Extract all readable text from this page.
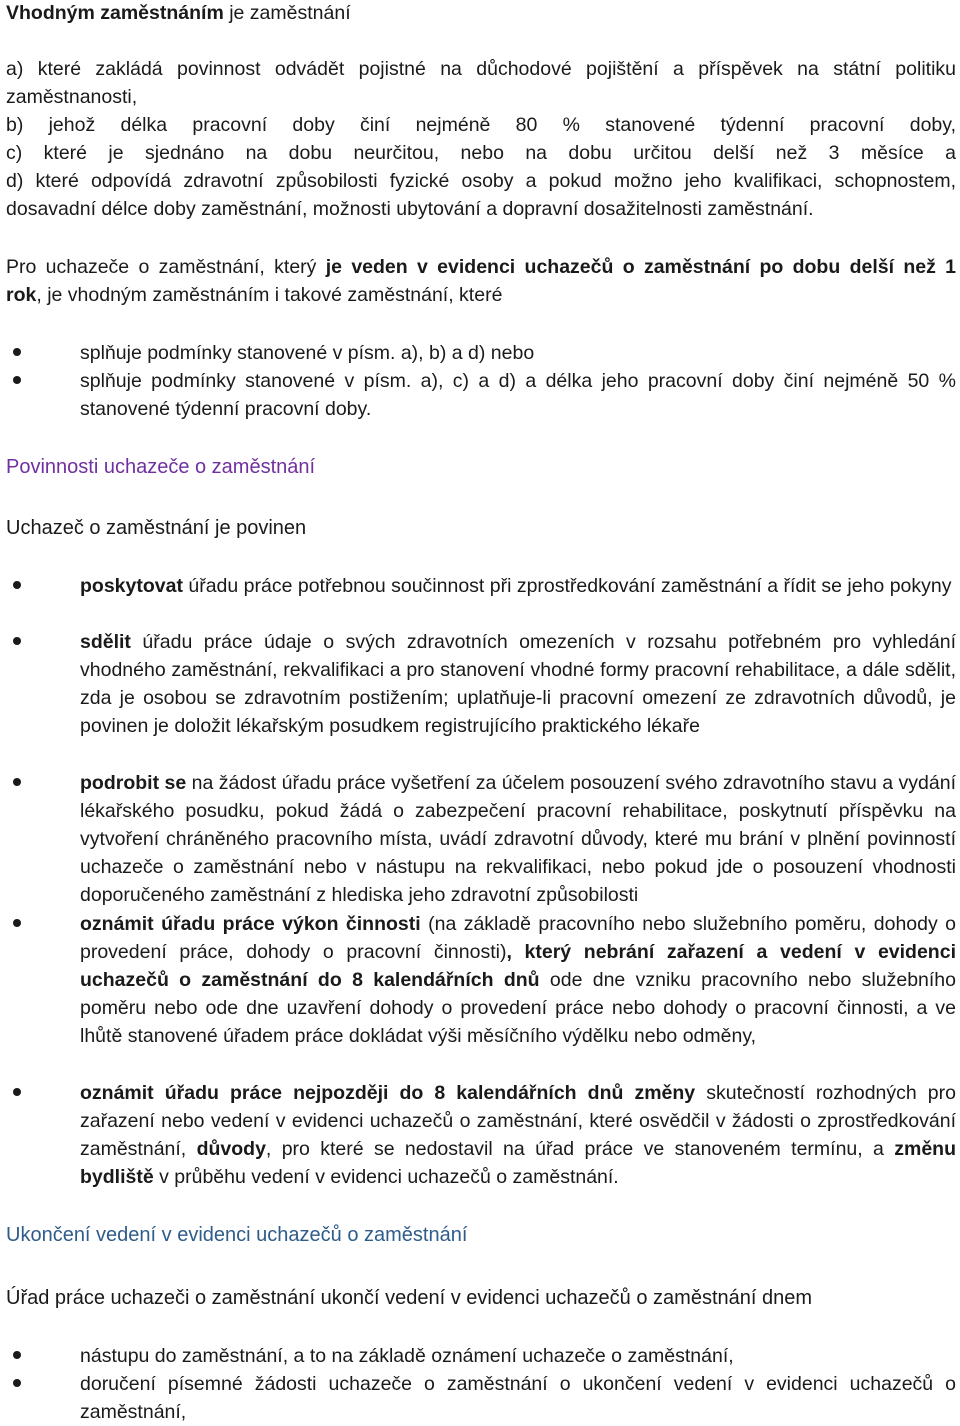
Vhodným zaměstnáním je zaměstnání
a) které zakládá povinnost odvádět pojistné na důchodové pojištění a příspěvek na státní politiku
zaměstnanosti,
b) jehož délka pracovní doby činí nejméně 80 % stanovené týdenní pracovní doby,
c) které je sjednáno na dobu neurčitou, nebo na dobu určitou delší než 3 měsíce a
d) které odpovídá zdravotní způsobilosti fyzické osoby a pokud možno jeho kvalifikaci, schopnostem,
dosavadní délce doby zaměstnání, možnosti ubytování a dopravní dosažitelnosti zaměstnání.
Pro uchazeče o zaměstnání, který je veden v evidenci uchazečů o zaměstnání po dobu delší než 1
rok, je vhodným zaměstnáním i takové zaměstnání, které
splňuje podmínky stanovené v písm. a), b) a d) nebo
splňuje podmínky stanovené v písm. a), c) a d) a délka jeho pracovní doby činí nejméně 50 % stanovené týdenní pracovní doby.
Povinnosti uchazeče o zaměstnání
Uchazeč o zaměstnání je povinen
poskytovat úřadu práce potřebnou součinnost při zprostředkování zaměstnání a řídit se jeho pokyny
sdělit úřadu práce údaje o svých zdravotních omezeních v rozsahu potřebném pro vyhledání vhodného zaměstnání, rekvalifikaci a pro stanovení vhodné formy pracovní rehabilitace, a dále sdělit, zda je osobou se zdravotním postižením; uplatňuje-li pracovní omezení ze zdravotních důvodů, je povinen je doložit lékařským posudkem registrujícího praktického lékaře
podrobit se na žádost úřadu práce vyšetření za účelem posouzení svého zdravotního stavu a vydání lékařského posudku, pokud žádá o zabezpečení pracovní rehabilitace, poskytnutí příspěvku na vytvoření chráněného pracovního místa, uvádí zdravotní důvody, které mu brání v plnění povinností uchazeče o zaměstnání nebo v nástupu na rekvalifikaci, nebo pokud jde o posouzení vhodnosti doporučeného zaměstnání z hlediska jeho zdravotní způsobilosti
oznámit úřadu práce výkon činnosti (na základě pracovního nebo služebního poměru, dohody o provedení práce, dohody o pracovní činnosti), který nebrání zařazení a vedení v evidenci uchazečů o zaměstnání do 8 kalendářních dnů ode dne vzniku pracovního nebo služebního poměru nebo ode dne uzavření dohody o provedení práce nebo dohody o pracovní činnosti, a ve lhůtě stanovené úřadem práce dokládat výši měsíčního výdělku nebo odměny,
oznámit úřadu práce nejpozději do 8 kalendářních dnů změny skutečností rozhodných pro zařazení nebo vedení v evidenci uchazečů o zaměstnání, které osvědčil v žádosti o zprostředkování zaměstnání, důvody, pro které se nedostavil na úřad práce ve stanoveném termínu, a změnu bydliště v průběhu vedení v evidenci uchazečů o zaměstnání.
Ukončení vedení v evidenci uchazečů o zaměstnání
Úřad práce uchazeči o zaměstnání ukončí vedení v evidenci uchazečů o zaměstnání dnem
nástupu do zaměstnání, a to na základě oznámení uchazeče o zaměstnání,
doručení písemné žádosti uchazeče o zaměstnání o ukončení vedení v evidenci uchazečů o zaměstnání,
